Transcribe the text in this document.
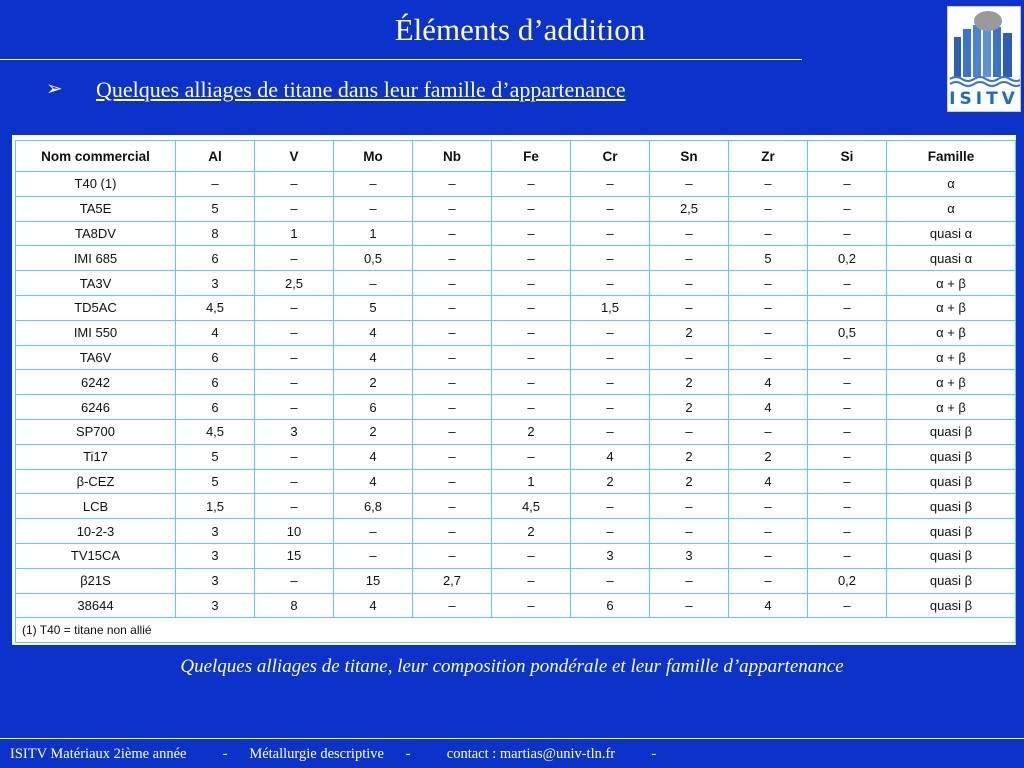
Éléments d’addition
➢ Quelques alliages de titane dans leur famille d’appartenance	ISITV
Nom commercial	Al	V	Mo	Nb	Fe	Cr	Sn	Zr	Si	Famille
T40 (1)	–	–	–	–	–	–	–	–	–	α
TA5E	5	–	–	–	–	–	2,5	–	–	α
TA8DV	8	1	1	–	–	–	–	–	–	quasi α
IMI 685	6	–	0,5	–	–	–	–	5	0,2	quasi α
TA3V	3	2,5	–	–	–	–	–	–	–	α + β
TD5AC	4,5	–	5	–	–	1,5	–	–	–	α + β
IMI 550	4	–	4	–	–	–	2	–	0,5	α + β
TA6V	6	–	4	–	–	–	–	–	–	α + β
6242	6	–	2	–	–	–	2	4	–	α + β
6246	6	–	6	–	–	–	2	4	–	α + β
SP700	4,5	3	2	–	2	–	–	–	–	quasi β
Ti17	5	–	4	–	–	4	2	2	–	quasi β
β-CEZ	5	–	4	–	1	2	2	4	–	quasi β
LCB	1,5	–	6,8	–	4,5	–	–	–	–	quasi β
10-2-3	3	10	–	–	2	–	–	–	–	quasi β
TV15CA	3	15	–	–	–	3	3	–	–	quasi β
β21S	3	–	15	2,7	–	–	–	–	0,2	quasi β
38644	3	8	4	–	–	6	–	4	–	quasi β
(1) T40 = titane non allié										
Quelques alliages de titane, leur composition pondérale et leur famille d’appartenance
ISITV Matériaux 2ième année          -      Métallurgie descriptive      -          contact : martias@univ-tln.fr          -
